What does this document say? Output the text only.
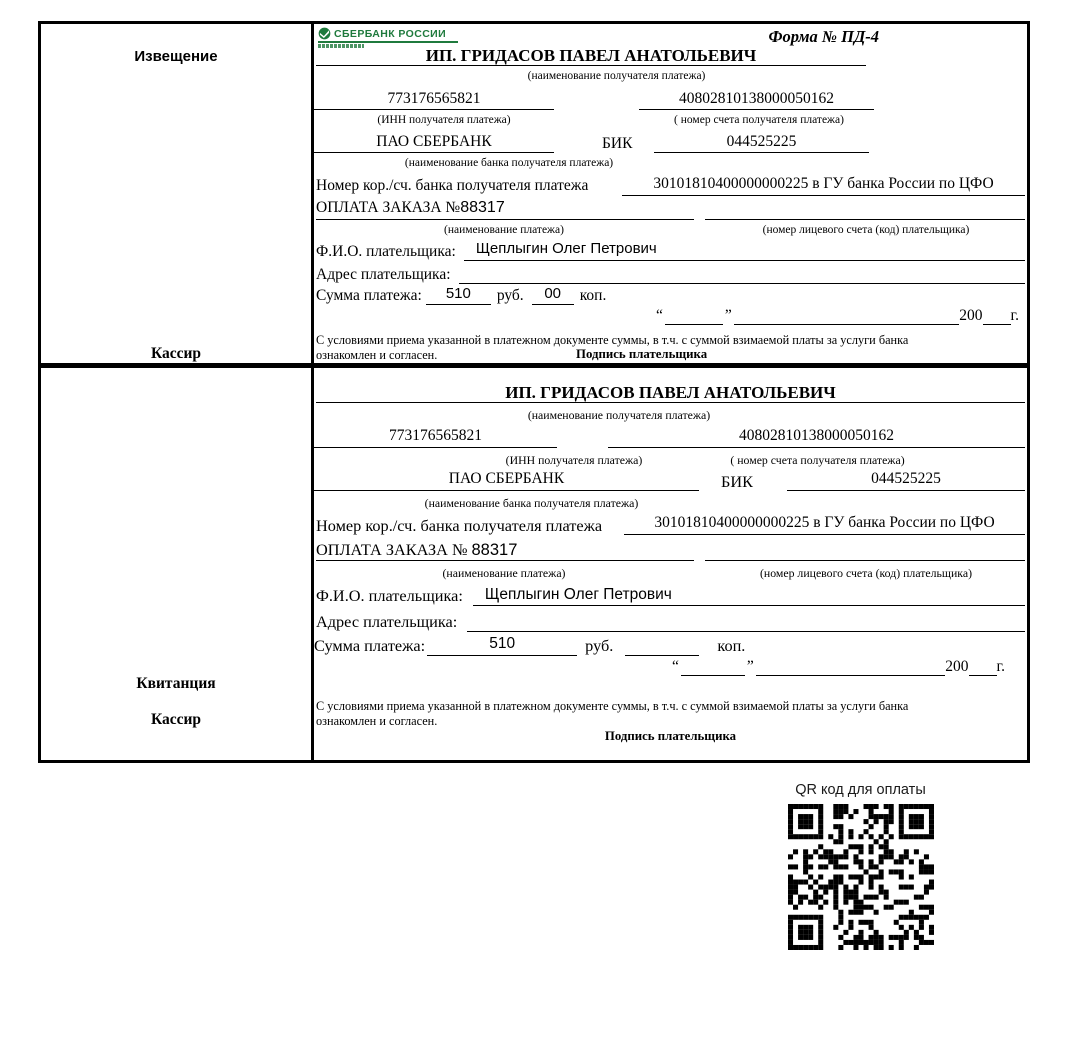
Извещение
Кассир
СБЕРБАНК РОССИИ	Форма № ПД-4
ИП. ГРИДАСОВ ПАВЕЛ АНАТОЛЬЕВИЧ
(наименование получателя платежа)
773176565821	40802810138000050162
(ИНН получателя платежа)	( номер счета получателя платежа)
ПАО СБЕРБАНК	БИК	044525225
(наименование банка получателя платежа)
Номер кор./сч. банка получателя платежа	30101810400000000225 в ГУ банка России по ЦФО
ОПЛАТА ЗАКАЗА №88317
(наименование платежа)	(номер лицевого счета (код) плательщика)
Ф.И.О. плательщика:	Щеплыгин Олег Петрович
Адрес плательщика:
Сумма платежа:	510	руб.	00	коп.
“	”	200 г.
С условиями приема указанной в платежном документе суммы, в т.ч. с суммой взимаемой платы за услуги банка
ознакомлен и согласен.	Подпись плательщика
Квитанция
Кассир
ИП. ГРИДАСОВ ПАВЕЛ АНАТОЛЬЕВИЧ
(наименование получателя платежа)
773176565821	40802810138000050162
(ИНН получателя платежа)	( номер счета получателя платежа)
ПАО СБЕРБАНК	БИК	044525225
(наименование банка получателя платежа)
Номер кор./сч. банка получателя платежа	30101810400000000225 в ГУ банка России по ЦФО
ОПЛАТА ЗАКАЗА № 88317
(наименование платежа)	(номер лицевого счета (код) плательщика)
Ф.И.О. плательщика:	Щеплыгин Олег Петрович
Адрес плательщика:
Сумма платежа:	510	руб.	коп.
“	”	200 г.
С условиями приема указанной в платежном документе суммы, в т.ч. с суммой взимаемой платы за услуги банка
ознакомлен и согласен.
Подпись плательщика
QR код для оплаты
